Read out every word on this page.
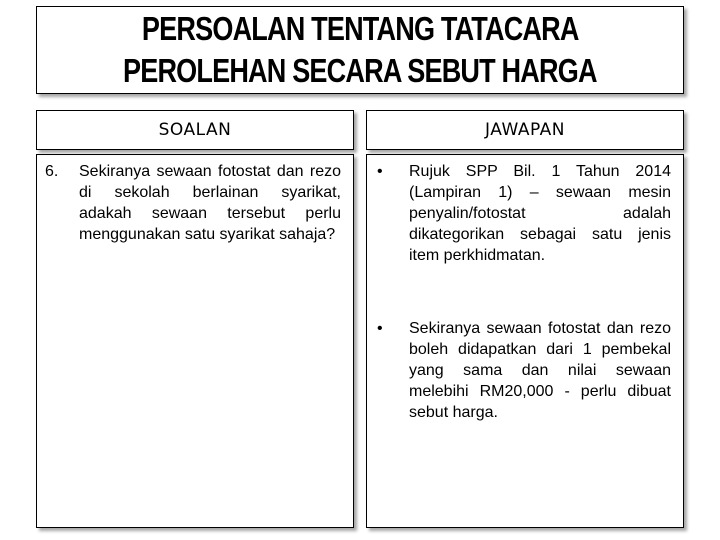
PERSOALAN TENTANG TATACARA
PEROLEHAN SECARA SEBUT HARGA
SOALAN	JAWAPAN
6.	Sekiranya sewaan fotostat dan rezo di sekolah berlainan syarikat, adakah sewaan tersebut perlu menggunakan satu syarikat sahaja?
•	Rujuk SPP Bil. 1 Tahun 2014 (Lampiran 1) – sewaan mesin penyalin/fotostat adalah dikategorikan sebagai satu jenis item perkhidmatan.
•	Sekiranya sewaan fotostat dan rezo boleh didapatkan dari 1 pembekal yang sama dan nilai sewaan melebihi RM20,000 - perlu dibuat sebut harga.
